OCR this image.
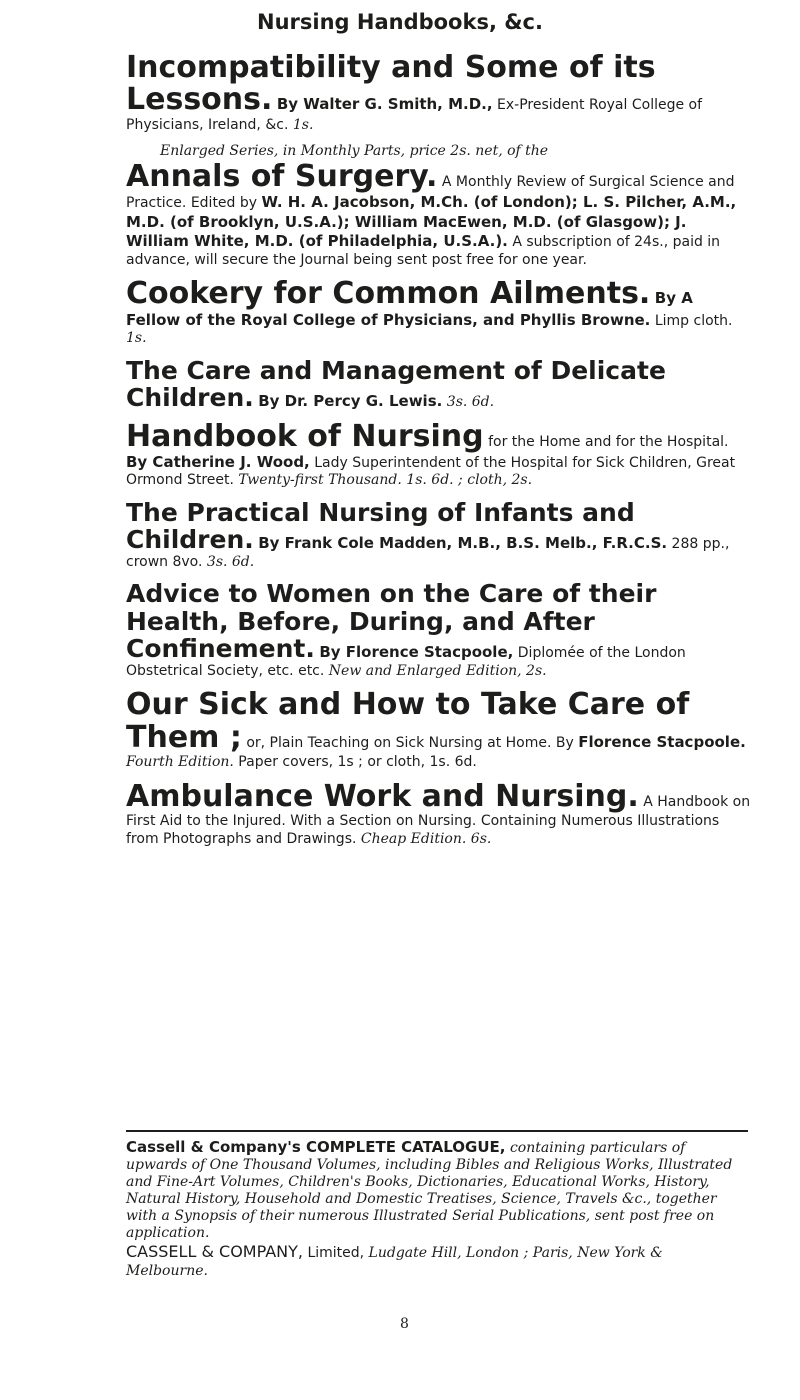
Nursing Handbooks, &c.
Incompatibility and Some of its Lessons. By Walter G. Smith, M.D., Ex-President Royal College of Physicians, Ireland, &c. 1s.
Enlarged Series, in Monthly Parts, price 2s. net, of the
Annals of Surgery. A Monthly Review of Surgical Science and Practice. Edited by W. H. A. Jacobson, M.Ch. (of London); L. S. Pilcher, A.M., M.D. (of Brooklyn, U.S.A.); William MacEwen, M.D. (of Glasgow); J. William White, M.D. (of Philadelphia, U.S.A.). A subscription of 24s., paid in advance, will secure the Journal being sent post free for one year.
Cookery for Common Ailments. By A Fellow of the Royal College of Physicians, and Phyllis Browne. Limp cloth. 1s.
The Care and Management of Delicate Children. By Dr. Percy G. Lewis. 3s. 6d.
Handbook of Nursing for the Home and for the Hospital. By Catherine J. Wood, Lady Superintendent of the Hospital for Sick Children, Great Ormond Street. Twenty-first Thousand. 1s. 6d. ; cloth, 2s.
The Practical Nursing of Infants and Children. By Frank Cole Madden, M.B., B.S. Melb., F.R.C.S. 288 pp., crown 8vo. 3s. 6d.
Advice to Women on the Care of their Health, Before, During, and After Confinement. By Florence Stacpoole, Diplomée of the London Obstetrical Society, etc. etc. New and Enlarged Edition, 2s.
Our Sick and How to Take Care of Them ; or, Plain Teaching on Sick Nursing at Home. By Florence Stacpoole. Fourth Edition. Paper covers, 1s ; or cloth, 1s. 6d.
Ambulance Work and Nursing. A Handbook on First Aid to the Injured. With a Section on Nursing. Containing Numerous Illustrations from Photographs and Drawings. Cheap Edition. 6s.
Cassell & Company's COMPLETE CATALOGUE, containing particulars of upwards of One Thousand Volumes, including Bibles and Religious Works, Illustrated and Fine-Art Volumes, Children's Books, Dictionaries, Educational Works, History, Natural History, Household and Domestic Treatises, Science, Travels &c., together with a Synopsis of their numerous Illustrated Serial Publications, sent post free on application.
CASSELL & COMPANY, Limited, Ludgate Hill, London ; Paris, New York & Melbourne.
8
